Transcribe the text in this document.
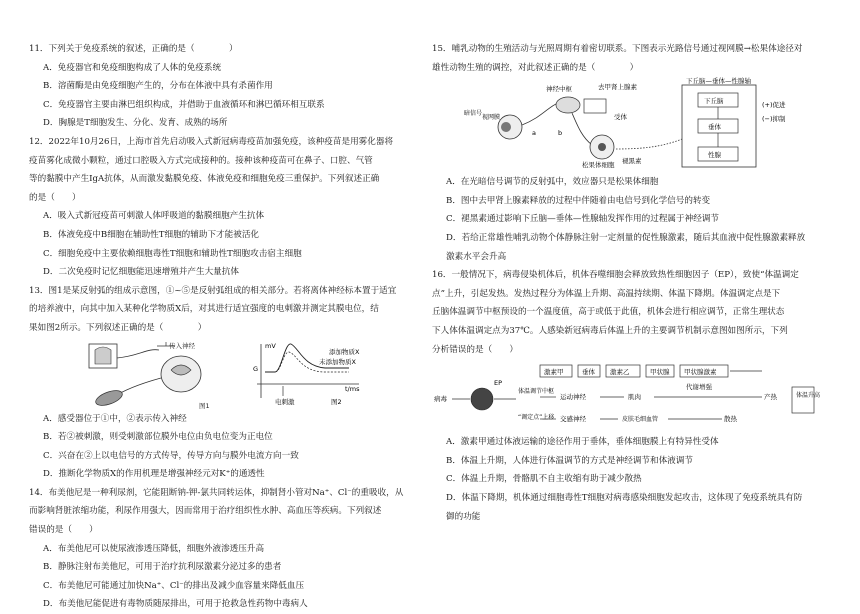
11．下列关于免疫系统的叙述，正确的是（　　　　）

A．免疫器官和免疫细胞构成了人体的免疫系统

B．溶菌酶是由免疫细胞产生的，分布在体液中具有杀菌作用

C．免疫器官主要由淋巴组织构成，并借助于血液循环和淋巴循环相互联系

D．胸腺是T细胞发生、分化、发育、成熟的场所

12．2022年10月26日，上海市首先启动吸入式新冠病毒疫苗加强免疫，该种疫苗是用雾化器将

疫苗雾化成微小颗粒，通过口腔吸入方式完成接种的。接种该种疫苗可在鼻子、口腔、气管

等的黏膜中产生IgA抗体，从而激发黏膜免疫、体液免疫和细胞免疫三重保护。下列叙述正确

的是（　　）

A．吸入式新冠疫苗可刺激人体呼吸道的黏膜细胞产生抗体

B．体液免疫中B细胞在辅助性T细胞的辅助下才能被活化

C．细胞免疫中主要依赖细胞毒性T细胞和辅助性T细胞攻击宿主细胞

D．二次免疫时记忆细胞能迅速增殖并产生大量抗体

13．图1是某反射弧的组成示意图，①~⑤是反射弧组成的相关部分。若将离体神经标本置于适宜

的培养液中，向其中加入某种化学物质X后，对其进行适宜强度的电刺激并测定其膜电位，结

果如图2所示。下列叙述正确的是（　　　　）

传入神经
图1
mV
G
t/ms
添加物质X
未添加物质X
电刺激	图2

A．感受器位于①中，②表示传入神经

B．若②被刺激，则受刺激部位膜外电位由负电位变为正电位

C．兴奋在②上以电信号的方式传导，传导方向与膜外电流方向一致

D．推断化学物质X的作用机理是增强神经元对K⁺的通透性

14．布美他尼是一种利尿剂，它能阻断钠-钾-氯共同转运体，抑制肾小管对Na⁺、Cl⁻的重吸收，从

而影响肾脏浓缩功能，利尿作用强大，因而常用于治疗组织性水肿、高血压等疾病。下列叙述

错误的是（　　）

A．布美他尼可以使尿液渗透压降低，细胞外液渗透压升高

B．静脉注射布美他尼，可用于治疗抗利尿激素分泌过多的患者

C．布美他尼可能通过加快Na⁺、Cl⁻的排出及减少血容量来降低血压

D．布美他尼能促进有毒物质随尿排出，可用于抢救急性药物中毒病人

15．哺乳动物的生殖活动与光照周期有着密切联系。下图表示光路信号通过视网膜→松果体途径对

雄性动物生殖的调控，对此叙述正确的是（　　　　）

暗信号
视网膜
a	b
神经中枢	去甲肾上腺素
受体
松果体细胞 褪黑素
下丘脑—垂体—性腺轴
下丘脑
垂体
性腺
(+)促进
(−)抑制

A．在光暗信号调节的反射弧中，效应器只是松果体细胞

B．图中去甲肾上腺素释放的过程中伴随着由电信号到化学信号的转变

C．褪黑素通过影响下丘脑—垂体—性腺轴发挥作用的过程属于神经调节

D．若给正常雄性哺乳动物个体静脉注射一定剂量的促性腺激素，随后其血液中促性腺激素释放

激素水平会升高

16．一般情况下，病毒侵染机体后，机体吞噬细胞会释放致热性细胞因子（EP），致使“体温调定

点”上升，引起发热。发热过程分为体温上升期、高温持续期、体温下降期。体温调定点是下

丘脑体温调节中枢预设的一个温度值，高于或低于此值，机体会进行相应调节，正常生理状态

下人体体温调定点为37℃。人感染新冠病毒后体温上升的主要调节机制示意图如图所示，下列

分析错误的是（　　）

病毒
EP
体温调节中枢
“调定点”上移
激素甲	垂体 激素乙	甲状腺 甲状腺激素
代谢增强
运动神经	肌肉
交感神经	皮肤毛细血管
产热
散热
体温升高

A．激素甲通过体液运输的途径作用于垂体，垂体细胞膜上有特异性受体

B．体温上升期，人体进行体温调节的方式是神经调节和体液调节

C．体温上升期，骨骼肌不自主收缩有助于减少散热

D．体温下降期，机体通过细胞毒性T细胞对病毒感染细胞发起攻击，这体现了免疫系统具有防

御的功能
